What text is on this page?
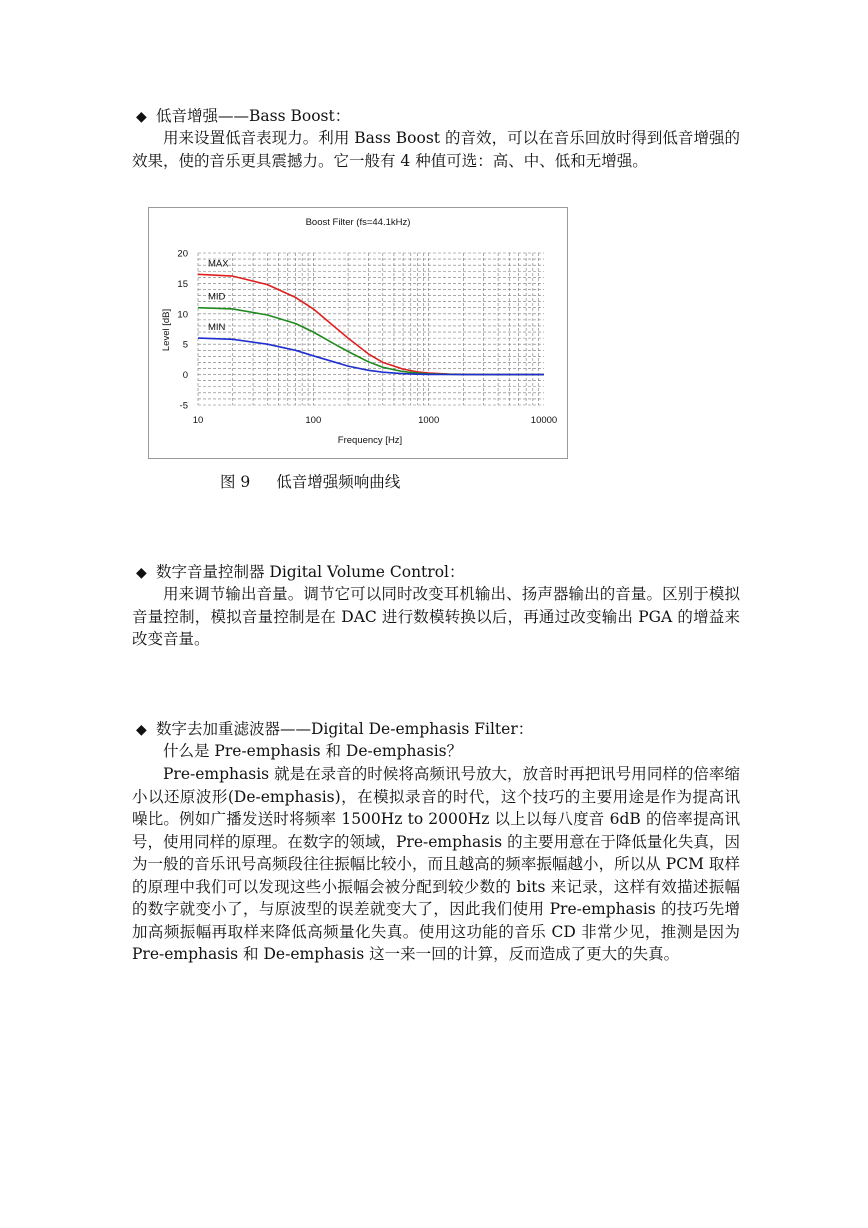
◆ 低音增强——Bass Boost：

用来设置低音表现力。利用 Bass Boost 的音效，可以在音乐回放时得到低音增强的效果，使的音乐更具震撼力。它一般有 4 种值可选：高、中、低和无增强。

10	100	1000	10000
20
15
10
5
0
-5
MAX
MID
MIN
Boost Filter (fs=44.1kHz)
Frequency [Hz]
Level [dB]
图 9 低音增强频响曲线
◆ 数字音量控制器 Digital Volume Control：

用来调节输出音量。调节它可以同时改变耳机输出、扬声器输出的音量。区别于模拟音量控制，模拟音量控制是在 DAC 进行数模转换以后，再通过改变输出 PGA 的增益来改变音量。

◆ 数字去加重滤波器——Digital De-emphasis Filter：

什么是 Pre-emphasis 和 De-emphasis？

Pre-emphasis 就是在录音的时候将高频讯号放大，放音时再把讯号用同样的倍率缩小以还原波形(De-emphasis)，在模拟录音的时代，这个技巧的主要用途是作为提高讯噪比。例如广播发送时将频率 1500Hz to 2000Hz 以上以每八度音 6dB 的倍率提高讯号，使用同样的原理。在数字的领域，Pre-emphasis 的主要用意在于降低量化失真，因为一般的音乐讯号高频段往往振幅比较小，而且越高的频率振幅越小，所以从 PCM 取样的原理中我们可以发现这些小振幅会被分配到较少数的 bits 来记录，这样有效描述振幅的数字就变小了，与原波型的误差就变大了，因此我们使用 Pre-emphasis 的技巧先增加高频振幅再取样来降低高频量化失真。使用这功能的音乐 CD 非常少见，推测是因为 Pre-emphasis 和 De-emphasis 这一来一回的计算，反而造成了更大的失真。
